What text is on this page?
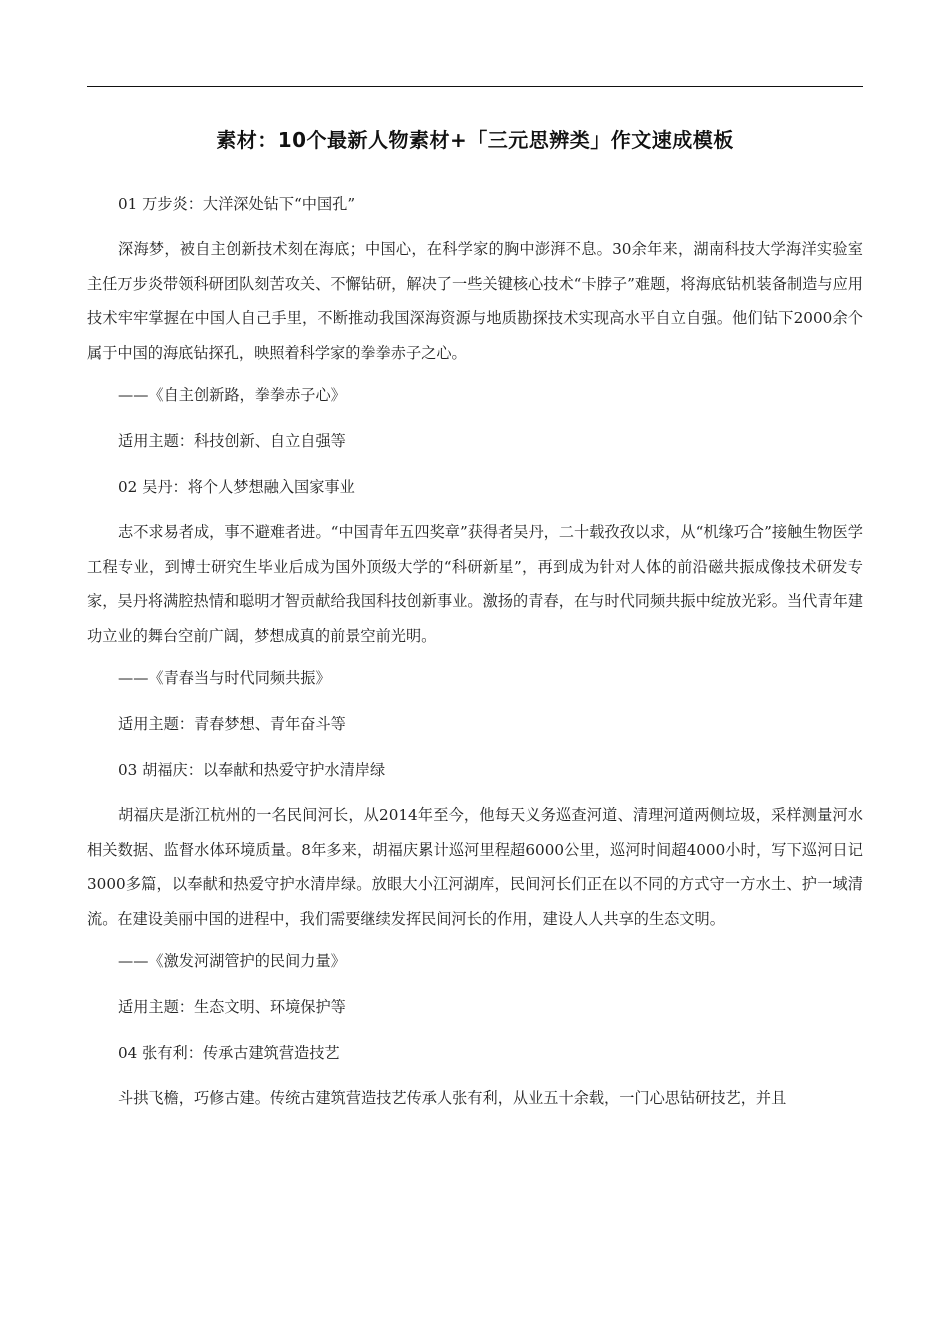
素材：10个最新人物素材+「三元思辨类」作文速成模板

01 万步炎：大洋深处钻下“中国孔”

深海梦，被自主创新技术刻在海底；中国心，在科学家的胸中澎湃不息。30余年来，湖南科技大学海洋实验室主任万步炎带领科研团队刻苦攻关、不懈钻研，解决了一些关键核心技术“卡脖子”难题，将海底钻机装备制造与应用技术牢牢掌握在中国人自己手里，不断推动我国深海资源与地质勘探技术实现高水平自立自强。他们钻下2000余个属于中国的海底钻探孔，映照着科学家的拳拳赤子之心。

——《自主创新路，拳拳赤子心》

适用主题：科技创新、自立自强等

02 吴丹：将个人梦想融入国家事业

志不求易者成，事不避难者进。“中国青年五四奖章”获得者吴丹，二十载孜孜以求，从“机缘巧合”接触生物医学工程专业，到博士研究生毕业后成为国外顶级大学的“科研新星”，再到成为针对人体的前沿磁共振成像技术研发专家，吴丹将满腔热情和聪明才智贡献给我国科技创新事业。激扬的青春，在与时代同频共振中绽放光彩。当代青年建功立业的舞台空前广阔，梦想成真的前景空前光明。

——《青春当与时代同频共振》

适用主题：青春梦想、青年奋斗等

03 胡福庆：以奉献和热爱守护水清岸绿

胡福庆是浙江杭州的一名民间河长，从2014年至今，他每天义务巡查河道、清理河道两侧垃圾，采样测量河水相关数据、监督水体环境质量。8年多来，胡福庆累计巡河里程超6000公里，巡河时间超4000小时，写下巡河日记3000多篇，以奉献和热爱守护水清岸绿。放眼大小江河湖库，民间河长们正在以不同的方式守一方水土、护一域清流。在建设美丽中国的进程中，我们需要继续发挥民间河长的作用，建设人人共享的生态文明。

——《激发河湖管护的民间力量》

适用主题：生态文明、环境保护等

04 张有利：传承古建筑营造技艺

斗拱飞檐，巧修古建。传统古建筑营造技艺传承人张有利，从业五十余载，一门心思钻研技艺，并且
